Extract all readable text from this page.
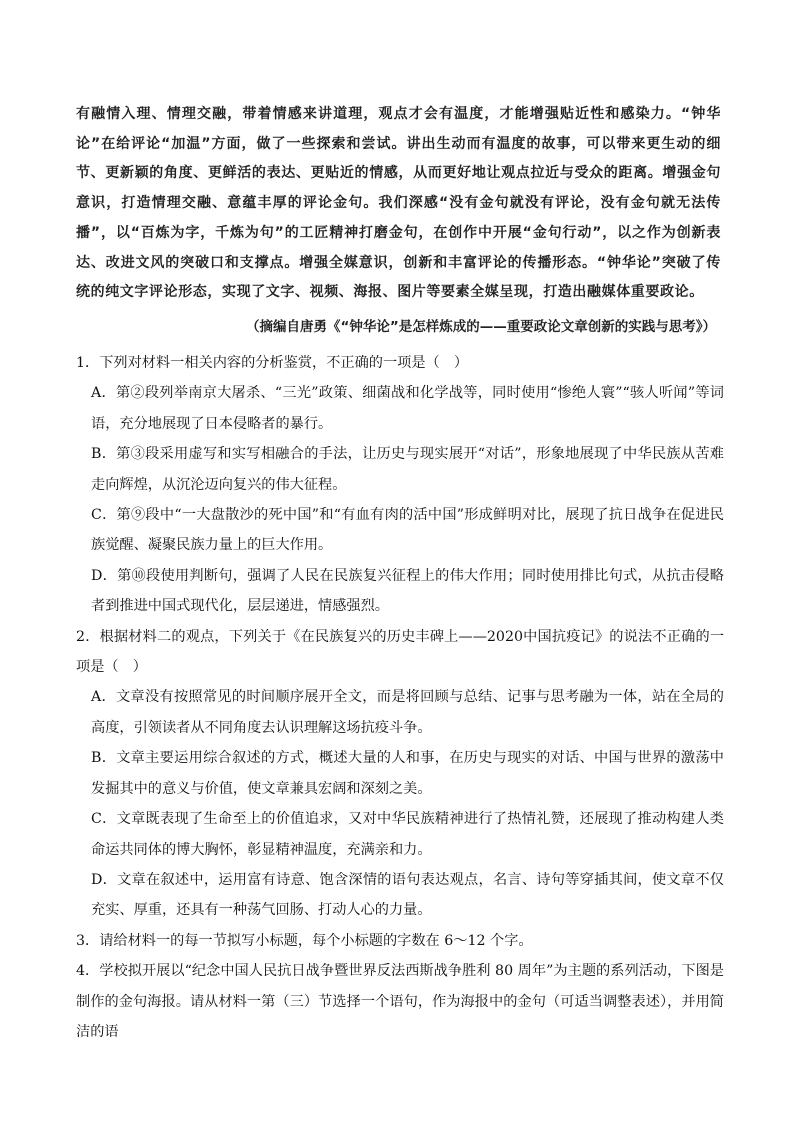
有融情入理、情理交融，带着情感来讲道理，观点才会有温度，才能增强贴近性和感染力。“钟华论”在给评论“加温”方面，做了一些探索和尝试。讲出生动而有温度的故事，可以带来更生动的细节、更新颖的角度、更鲜活的表达、更贴近的情感，从而更好地让观点拉近与受众的距离。增强金句意识，打造情理交融、意蕴丰厚的评论金句。我们深感“没有金句就没有评论，没有金句就无法传播”，以“百炼为字，千炼为句”的工匠精神打磨金句，在创作中开展“金句行动”，以之作为创新表达、改进文风的突破口和支撑点。增强全媒意识，创新和丰富评论的传播形态。“钟华论”突破了传统的纯文字评论形态，实现了文字、视频、海报、图片等要素全媒呈现，打造出融媒体重要政论。
（摘编自唐勇《“钟华论”是怎样炼成的——重要政论文章创新的实践与思考》）
1．下列对材料一相关内容的分析鉴赏，不正确的一项是（　）
A．第②段列举南京大屠杀、“三光”政策、细菌战和化学战等，同时使用“惨绝人寰”“骇人听闻”等词语，充分地展现了日本侵略者的暴行。
B．第③段采用虚写和实写相融合的手法，让历史与现实展开“对话”，形象地展现了中华民族从苦难走向辉煌，从沉沦迈向复兴的伟大征程。
C．第⑨段中“一大盘散沙的死中国”和“有血有肉的活中国”形成鲜明对比，展现了抗日战争在促进民族觉醒、凝聚民族力量上的巨大作用。
D．第⑩段使用判断句，强调了人民在民族复兴征程上的伟大作用；同时使用排比句式，从抗击侵略者到推进中国式现代化，层层递进，情感强烈。
2．根据材料二的观点，下列关于《在民族复兴的历史丰碑上——2020中国抗疫记》的说法不正确的一项是（　）
A．文章没有按照常见的时间顺序展开全文，而是将回顾与总结、记事与思考融为一体，站在全局的高度，引领读者从不同角度去认识理解这场抗疫斗争。
B．文章主要运用综合叙述的方式，概述大量的人和事，在历史与现实的对话、中国与世界的激荡中发掘其中的意义与价值，使文章兼具宏阔和深刻之美。
C．文章既表现了生命至上的价值追求，又对中华民族精神进行了热情礼赞，还展现了推动构建人类命运共同体的博大胸怀，彰显精神温度，充满亲和力。
D．文章在叙述中，运用富有诗意、饱含深情的语句表达观点，名言、诗句等穿插其间，使文章不仅充实、厚重，还具有一种荡气回肠、打动人心的力量。
3．请给材料一的每一节拟写小标题，每个小标题的字数在 6～12 个字。
4．学校拟开展以“纪念中国人民抗日战争暨世界反法西斯战争胜利 80 周年”为主题的系列活动，下图是制作的金句海报。请从材料一第（三）节选择一个语句，作为海报中的金句（可适当调整表述），并用简洁的语
